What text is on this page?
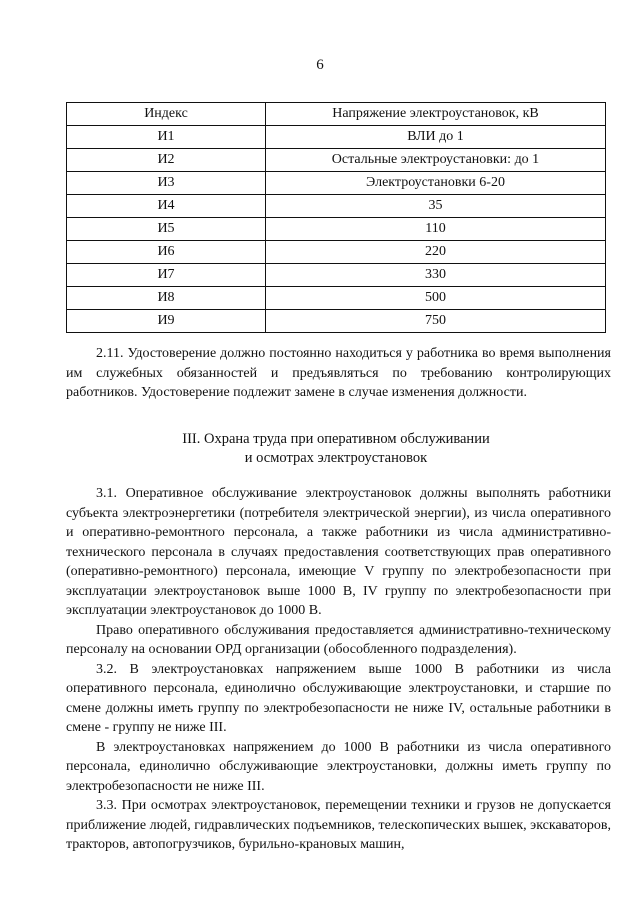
6
Индекс	Напряжение электроустановок, кВ
И1	ВЛИ до 1
И2	Остальные электроустановки: до 1
И3	Электроустановки 6-20
И4	35
И5	110
И6	220
И7	330
И8	500
И9	750

2.11. Удостоверение должно постоянно находиться у работника во время выполнения им служебных обязанностей и предъявляться по требованию контролирующих работников. Удостоверение подлежит замене в случае изменения должности.

III. Охрана труда при оперативном обслуживании
и осмотрах электроустановок

3.1. Оперативное обслуживание электроустановок должны выполнять работники субъекта электроэнергетики (потребителя электрической энергии), из числа оперативного и оперативно-ремонтного персонала, а также работники из числа административно-технического персонала в случаях предоставления соответствующих прав оперативного (оперативно-ремонтного) персонала, имеющие V группу по электробезопасности при эксплуатации электроустановок выше 1000 В, IV группу по электробезопасности при эксплуатации электроустановок до 1000 В.

Право оперативного обслуживания предоставляется административно-техническому персоналу на основании ОРД организации (обособленного подразделения).

3.2. В электроустановках напряжением выше 1000 В работники из числа оперативного персонала, единолично обслуживающие электроустановки, и старшие по смене должны иметь группу по электробезопасности не ниже IV, остальные работники в смене - группу не ниже III.

В электроустановках напряжением до 1000 В работники из числа оперативного персонала, единолично обслуживающие электроустановки, должны иметь группу по электробезопасности не ниже III.

3.3. При осмотрах электроустановок, перемещении техники и грузов не допускается приближение людей, гидравлических подъемников, телескопических вышек, экскаваторов, тракторов, автопогрузчиков, бурильно-крановых машин,
